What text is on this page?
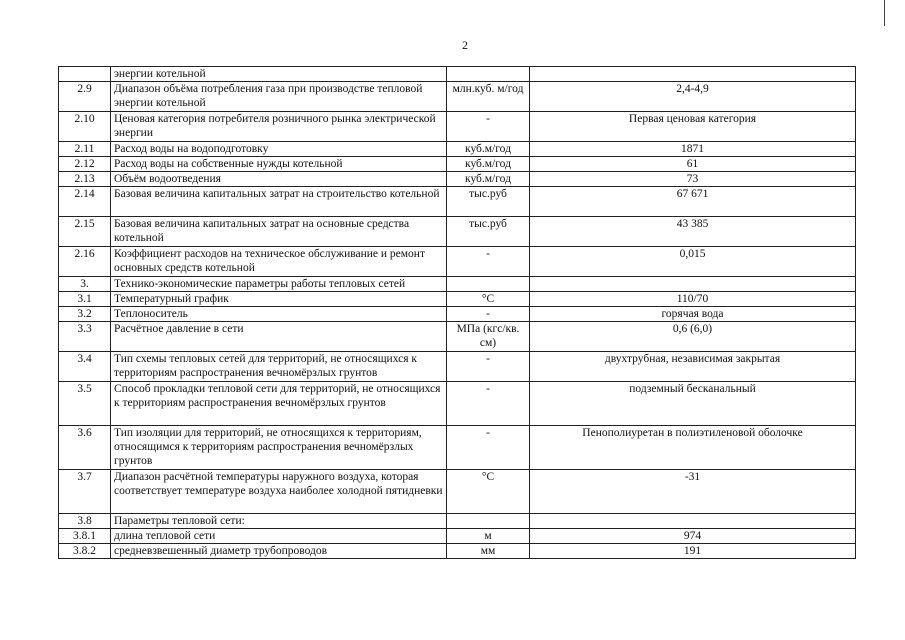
2
	энергии котельной		
2.9	Диапазон объёма потребления газа при производстве тепловой энергии котельной	млн.куб. м/год	2,4-4,9
2.10	Ценовая категория потребителя розничного рынка электрической энергии	-	Первая ценовая категория
2.11	Расход воды на водоподготовку	куб.м/год	1871
2.12	Расход воды на собственные нужды котельной	куб.м/год	61
2.13	Объём водоотведения	куб.м/год	73
2.14	Базовая величина капитальных затрат на строительство котельной	тыс.руб	67 671
2.15	Базовая величина капитальных затрат на основные средства котельной	тыс.руб	43 385
2.16	Коэффициент расходов на техническое обслуживание и ремонт основных средств котельной	-	0,015
3.	Технико-экономические параметры работы тепловых сетей		
3.1	Температурный график	°С	110/70
3.2	Теплоноситель	-	горячая вода
3.3	Расчётное давление в сети	МПа (кгс/кв. см)	0,6 (6,0)
3.4	Тип схемы тепловых сетей для территорий, не относящихся к территориям распространения вечномёрзлых грунтов	-	двухтрубная, независимая закрытая
3.5	Способ прокладки тепловой сети для территорий, не относящихся к территориям распространения вечномёрзлых грунтов	-	подземный бесканальный
3.6	Тип изоляции для территорий, не относящихся к территориям, относящимся к территориям распространения вечномёрзлых грунтов	-	Пенополиуретан в полиэтиленовой оболочке
3.7	Диапазон расчётной температуры наружного воздуха, которая соответствует температуре воздуха наиболее холодной пятидневки	°С	-31
3.8	Параметры тепловой сети:		
3.8.1	длина тепловой сети	м	974
3.8.2	средневзвешенный диаметр трубопроводов	мм	191
